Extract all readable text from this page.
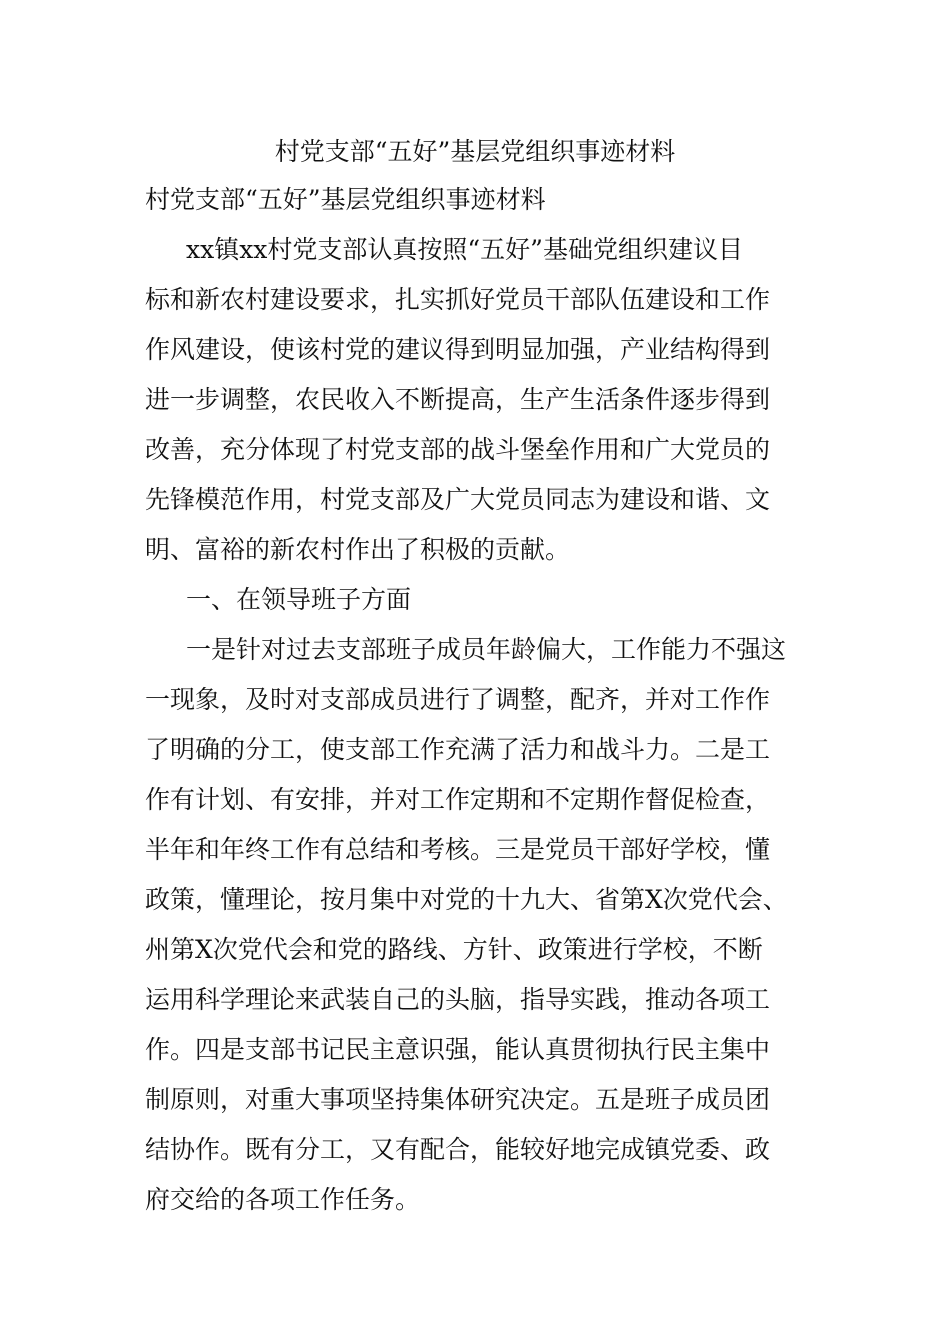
村党支部“五好”基层党组织事迹材料
村党支部“五好”基层党组织事迹材料

xx镇xx村党支部认真按照“五好”基础党组织建议目

标和新农村建设要求，扎实抓好党员干部队伍建设和工作

作风建设，使该村党的建议得到明显加强，产业结构得到

进一步调整，农民收入不断提高，生产生活条件逐步得到

改善，充分体现了村党支部的战斗堡垒作用和广大党员的

先锋模范作用，村党支部及广大党员同志为建设和谐、文

明、富裕的新农村作出了积极的贡献。

一、在领导班子方面

一是针对过去支部班子成员年龄偏大，工作能力不强这

一现象，及时对支部成员进行了调整，配齐，并对工作作

了明确的分工，使支部工作充满了活力和战斗力。二是工

作有计划、有安排，并对工作定期和不定期作督促检查，

半年和年终工作有总结和考核。三是党员干部好学校，懂

政策，懂理论，按月集中对党的十九大、省第X次党代会、

州第X次党代会和党的路线、方针、政策进行学校，不断

运用科学理论来武装自己的头脑，指导实践，推动各项工

作。四是支部书记民主意识强，能认真贯彻执行民主集中

制原则，对重大事项坚持集体研究决定。五是班子成员团

结协作。既有分工，又有配合，能较好地完成镇党委、政

府交给的各项工作任务。
